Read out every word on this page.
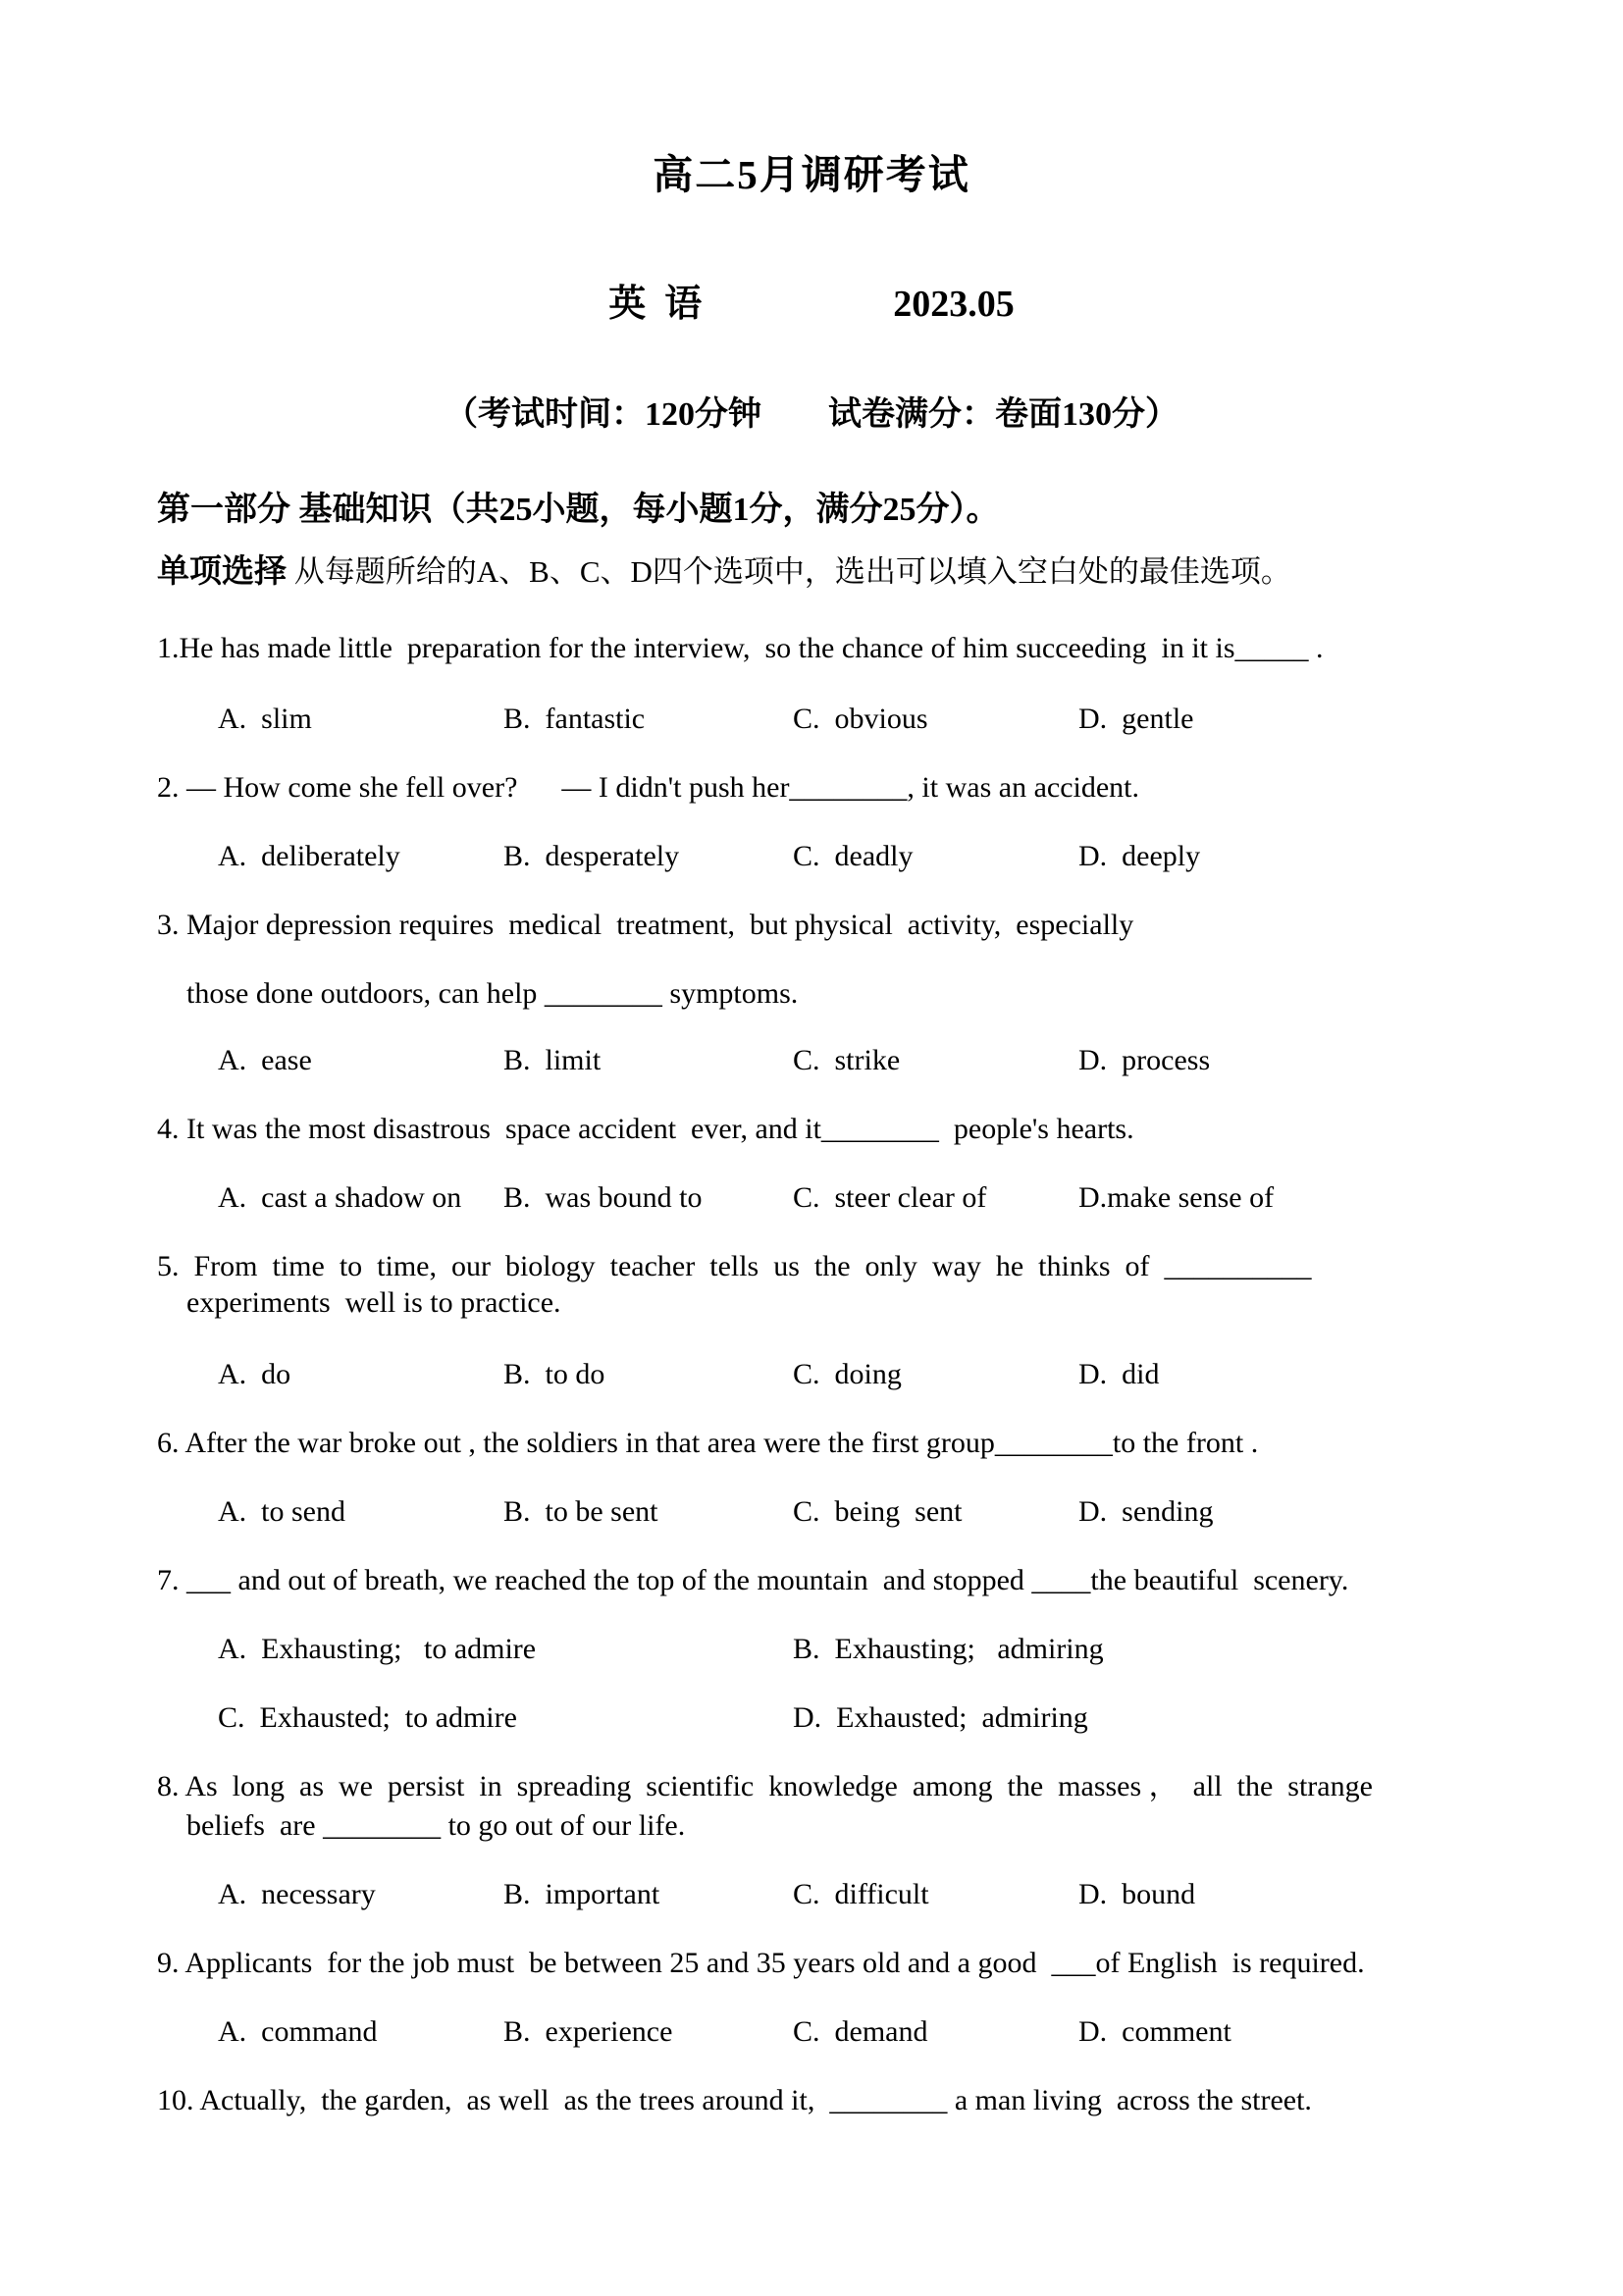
高二5月调研考试
英  语	2023.05
（考试时间：120分钟　　试卷满分：卷面130分）
第一部分 基础知识（共25小题，每小题1分，满分25分）。
单项选择 从每题所给的A、B、C、D四个选项中，选出可以填入空白处的最佳选项。
1.He has made little  preparation for the interview,  so the chance of him succeeding  in it is_____ .
A.  slim	B.  fantastic	C.  obvious	D.  gentle
2. — How come she fell over?      — I didn't push her________, it was an accident.
A.  deliberately	B.  desperately	C.  deadly	D.  deeply
3. Major depression requires  medical  treatment,  but physical  activity,  especially
those done outdoors, can help ________ symptoms.
A.  ease	B.  limit	C.  strike	D.  process
4. It was the most disastrous  space accident  ever, and it________  people's hearts.
A.  cast a shadow on	B.  was bound to	C.  steer clear of	D.make sense of
5.  From  time  to  time,  our  biology  teacher  tells  us  the  only  way  he  thinks  of  __________
experiments  well is to practice.
A.  do	B.  to do	C.  doing	D.  did
6. After the war broke out , the soldiers in that area were the first group________to the front .
A.  to send	B.  to be sent	C.  being  sent	D.  sending
7. ___ and out of breath, we reached the top of the mountain  and stopped ____the beautiful  scenery.
A.  Exhausting;   to admire	B.  Exhausting;   admiring
C.  Exhausted;  to admire	D.  Exhausted;  admiring
8. As  long  as  we  persist  in  spreading  scientific  knowledge  among  the  masses ，  all  the  strange
beliefs  are ________ to go out of our life.
A.  necessary	B.  important	C.  difficult	D.  bound
9. Applicants  for the job must  be between 25 and 35 years old and a good  ___of English  is required.
A.  command	B.  experience	C.  demand	D.  comment
10. Actually,  the garden,  as well  as the trees around it,  ________ a man living  across the street.
